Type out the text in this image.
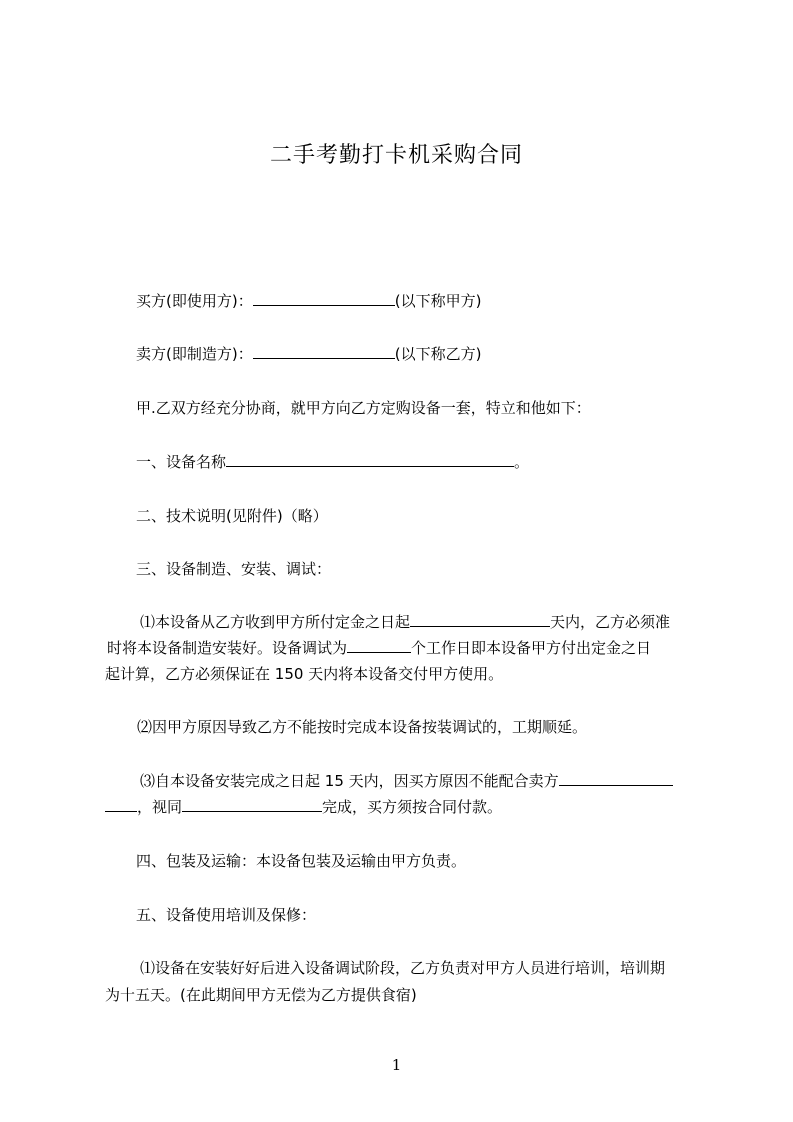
二手考勤打卡机采购合同
买方(即使用方)：	(以下称甲方)
卖方(即制造方)：	(以下称乙方)
甲.乙双方经充分协商，就甲方向乙方定购设备一套，特立和他如下：
一、设备名称	。
二、技术说明(见附件)（略）
三、设备制造、安装、调试：
⑴本设备从乙方收到甲方所付定金之日起	天内，乙方必须准
时将本设备制造安装好。设备调试为	个工作日即本设备甲方付出定金之日
起计算，乙方必须保证在 150 天内将本设备交付甲方使用。
⑵因甲方原因导致乙方不能按时完成本设备按装调试的，工期顺延。
⑶自本设备安装完成之日起 15 天内，因买方原因不能配合卖方
，视同	完成，买方须按合同付款。
四、包装及运输：本设备包装及运输由甲方负责。
五、设备使用培训及保修：
⑴设备在安装好好后进入设备调试阶段，乙方负责对甲方人员进行培训，培训期
为十五天。(在此期间甲方无偿为乙方提供食宿)
1
